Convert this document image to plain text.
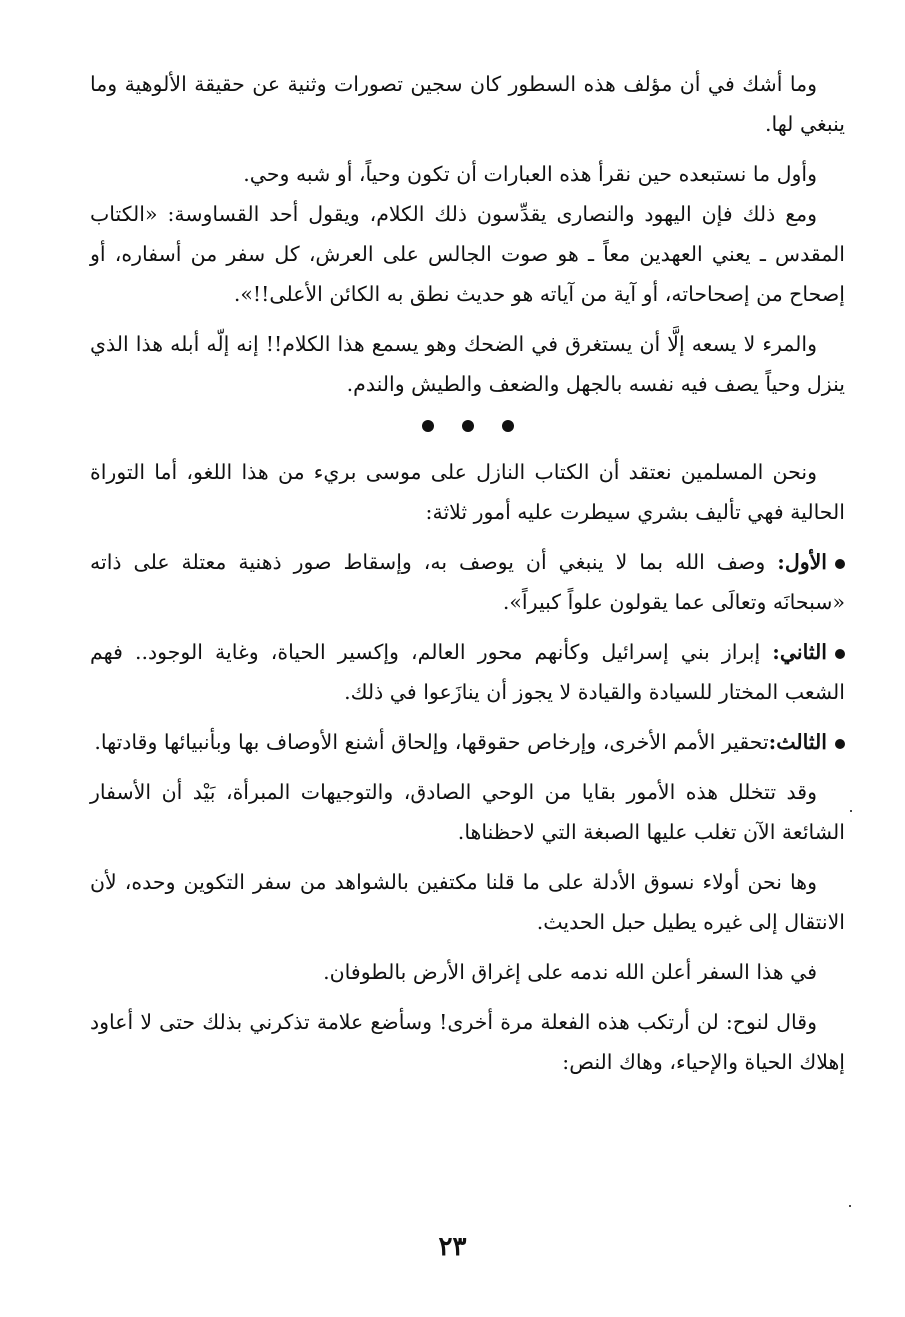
وما أشك في أن مؤلف هذه السطور كان سجين تصورات وثنية عن حقيقة الألوهية وما ينبغي لها.

وأول ما نستبعده حين نقرأ هذه العبارات أن تكون وحياً، أو شبه وحي.

ومع ذلك فإن اليهود والنصارى يقدِّسون ذلك الكلام، ويقول أحد القساوسة: «الكتاب المقدس ـ يعني العهدين معاً ـ هو صوت الجالس على العرش، كل سفر من أسفاره، أو إصحاح من إصحاحاته، أو آية من آياته هو حديث نطق به الكائن الأعلى!!».

والمرء لا يسعه إلَّا أن يستغرق في الضحك وهو يسمع هذا الكلام!! إنه إلّه أبله هذا الذي ينزل وحياً يصف فيه نفسه بالجهل والضعف والطيش والندم.

ونحن المسلمين نعتقد أن الكتاب النازل على موسى بريء من هذا اللغو، أما التوراة الحالية فهي تأليف بشري سيطرت عليه أمور ثلاثة:

الأول: وصف الله بما لا ينبغي أن يوصف به، وإسقاط صور ذهنية معتلة على ذاته «سبحانَه وتعالَى عما يقولون علواً كبيراً».

الثاني: إبراز بني إسرائيل وكأنهم محور العالم، وإكسير الحياة، وغاية الوجود.. فهم الشعب المختار للسيادة والقيادة لا يجوز أن ينازَعوا في ذلك.

الثالث:تحقير الأمم الأخرى، وإرخاص حقوقها، وإلحاق أشنع الأوصاف بها وبأنبيائها وقادتها.

وقد تتخلل هذه الأمور بقايا من الوحي الصادق، والتوجيهات المبرأة، بَيْد أن الأسفار الشائعة الآن تغلب عليها الصبغة التي لاحظناها.

وها نحن أولاء نسوق الأدلة على ما قلنا مكتفين بالشواهد من سفر التكوين وحده، لأن الانتقال إلى غيره يطيل حبل الحديث.

في هذا السفر أعلن الله ندمه على إغراق الأرض بالطوفان.

وقال لنوح: لن أرتكب هذه الفعلة مرة أخرى! وسأضع علامة تذكرني بذلك حتى لا أعاود إهلاك الحياة والإحياء، وهاك النص:

٢٣
